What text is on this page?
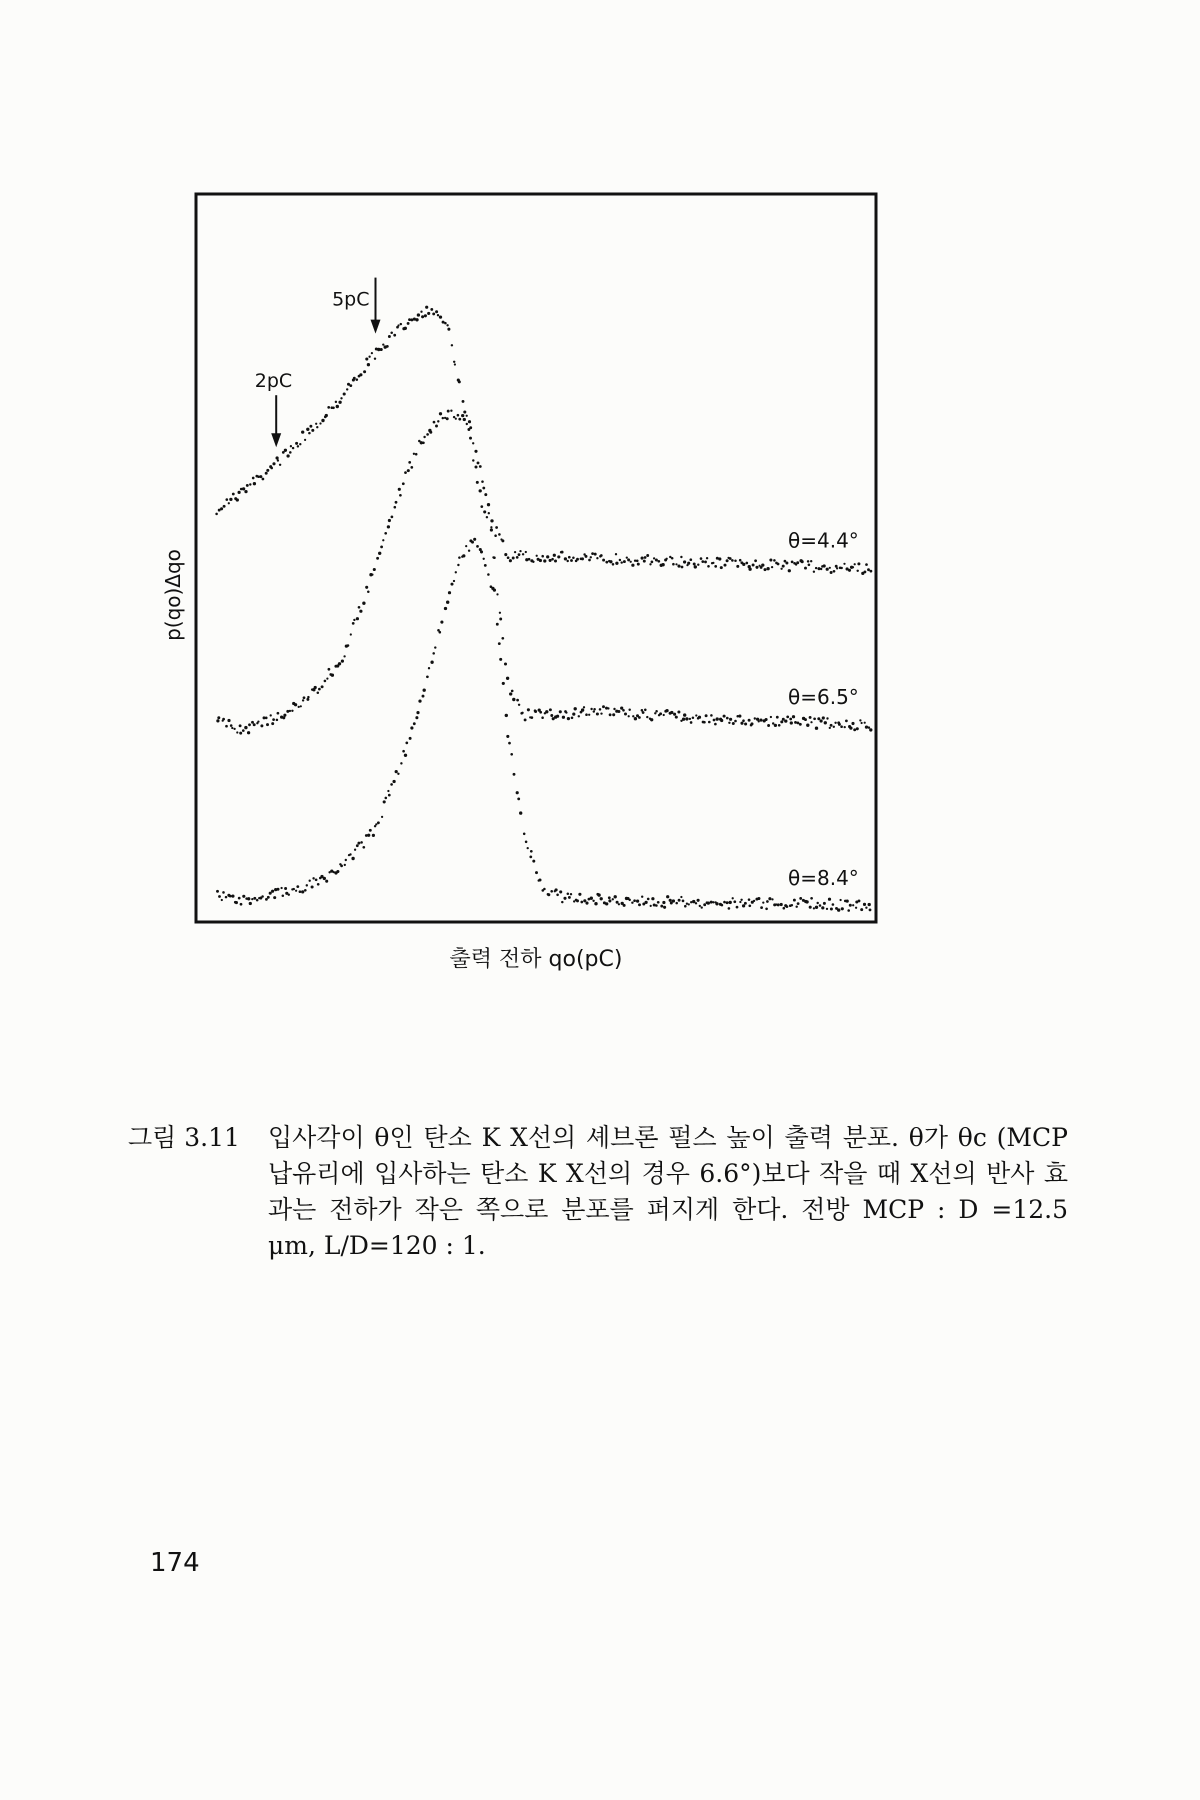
θ=4.4°
θ=6.5°
θ=8.4°
5pC
2pC
p(qo)Δqo
출력 전하 qo(pC)
그림 3.11	입사각이 θ인 탄소 K X선의 셰브론 펄스 높이 출력 분포. θ가 θc (MCP 납유리에 입사하는 탄소 K X선의 경우 6.6°)보다 작을 때 X선의 반사 효과는 전하가 작은 쪽으로 분포를 퍼지게 한다. 전방 MCP : D =12.5 μm, L/D=120 : 1.
174
